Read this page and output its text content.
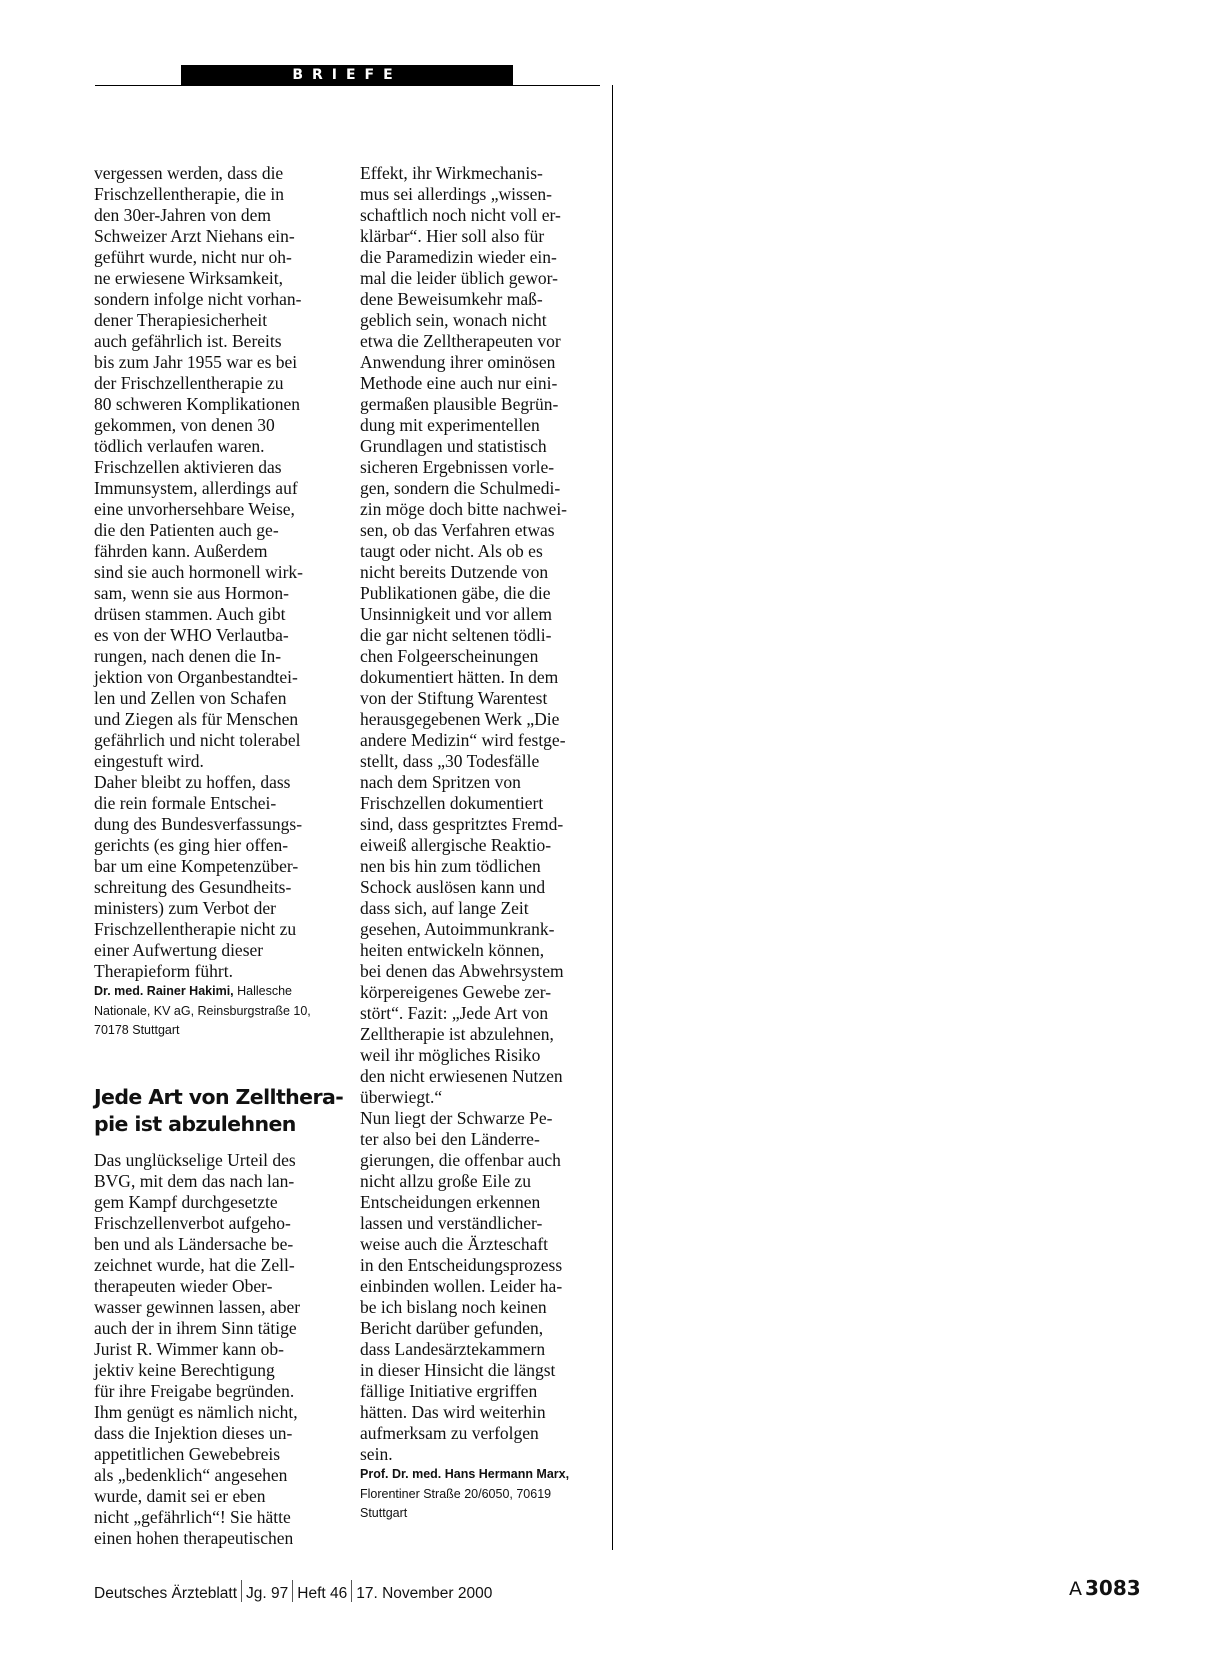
BRIEFE
vergessen werden, dass die
Frischzellentherapie, die in
den 30er-Jahren von dem
Schweizer Arzt Niehans ein-
geführt wurde, nicht nur oh-
ne erwiesene Wirksamkeit,
sondern infolge nicht vorhan-
dener Therapiesicherheit
auch gefährlich ist. Bereits
bis zum Jahr 1955 war es bei
der Frischzellentherapie zu
80 schweren Komplikationen
gekommen, von denen 30
tödlich verlaufen waren.
Frischzellen aktivieren das
Immunsystem, allerdings auf
eine unvorhersehbare Weise,
die den Patienten auch ge-
fährden kann. Außerdem
sind sie auch hormonell wirk-
sam, wenn sie aus Hormon-
drüsen stammen. Auch gibt
es von der WHO Verlautba-
rungen, nach denen die In-
jektion von Organbestandtei-
len und Zellen von Schafen
und Ziegen als für Menschen
gefährlich und nicht tolerabel
eingestuft wird.
Daher bleibt zu hoffen, dass
die rein formale Entschei-
dung des Bundesverfassungs-
gerichts (es ging hier offen-
bar um eine Kompetenzüber-
schreitung des Gesundheits-
ministers) zum Verbot der
Frischzellentherapie nicht zu
einer Aufwertung dieser
Therapieform führt.
Dr. med. Rainer Hakimi, Hallesche
Nationale, KV aG, Reinsburgstraße 10,
70178 Stuttgart
Jede Art von Zellthera-
pie ist abzulehnen
Das unglückselige Urteil des
BVG, mit dem das nach lan-
gem Kampf durchgesetzte
Frischzellenverbot aufgeho-
ben und als Ländersache be-
zeichnet wurde, hat die Zell-
therapeuten wieder Ober-
wasser gewinnen lassen, aber
auch der in ihrem Sinn tätige
Jurist R. Wimmer kann ob-
jektiv keine Berechtigung
für ihre Freigabe begründen.
Ihm genügt es nämlich nicht,
dass die Injektion dieses un-
appetitlichen Gewebebreis
als „bedenklich“ angesehen
wurde, damit sei er eben
nicht „gefährlich“! Sie hätte
einen hohen therapeutischen
Effekt, ihr Wirkmechanis-
mus sei allerdings „wissen-
schaftlich noch nicht voll er-
klärbar“. Hier soll also für
die Paramedizin wieder ein-
mal die leider üblich gewor-
dene Beweisumkehr maß-
geblich sein, wonach nicht
etwa die Zelltherapeuten vor
Anwendung ihrer ominösen
Methode eine auch nur eini-
germaßen plausible Begrün-
dung mit experimentellen
Grundlagen und statistisch
sicheren Ergebnissen vorle-
gen, sondern die Schulmedi-
zin möge doch bitte nachwei-
sen, ob das Verfahren etwas
taugt oder nicht. Als ob es
nicht bereits Dutzende von
Publikationen gäbe, die die
Unsinnigkeit und vor allem
die gar nicht seltenen tödli-
chen Folgeerscheinungen
dokumentiert hätten. In dem
von der Stiftung Warentest
herausgegebenen Werk „Die
andere Medizin“ wird festge-
stellt, dass „30 Todesfälle
nach dem Spritzen von
Frischzellen dokumentiert
sind, dass gespritztes Fremd-
eiweiß allergische Reaktio-
nen bis hin zum tödlichen
Schock auslösen kann und
dass sich, auf lange Zeit
gesehen, Autoimmunkrank-
heiten entwickeln können,
bei denen das Abwehrsystem
körpereigenes Gewebe zer-
stört“. Fazit: „Jede Art von
Zelltherapie ist abzulehnen,
weil ihr mögliches Risiko
den nicht erwiesenen Nutzen
überwiegt.“
Nun liegt der Schwarze Pe-
ter also bei den Länderre-
gierungen, die offenbar auch
nicht allzu große Eile zu
Entscheidungen erkennen
lassen und verständlicher-
weise auch die Ärzteschaft
in den Entscheidungsprozess
einbinden wollen. Leider ha-
be ich bislang noch keinen
Bericht darüber gefunden,
dass Landesärztekammern
in dieser Hinsicht die längst
fällige Initiative ergriffen
hätten. Das wird weiterhin
aufmerksam zu verfolgen
sein.
Prof. Dr. med. Hans Hermann Marx,
Florentiner Straße 20/6050, 70619
Stuttgart
Deutsches Ärzteblatt Jg. 97 Heft 46 17. November 2000	A 3083
